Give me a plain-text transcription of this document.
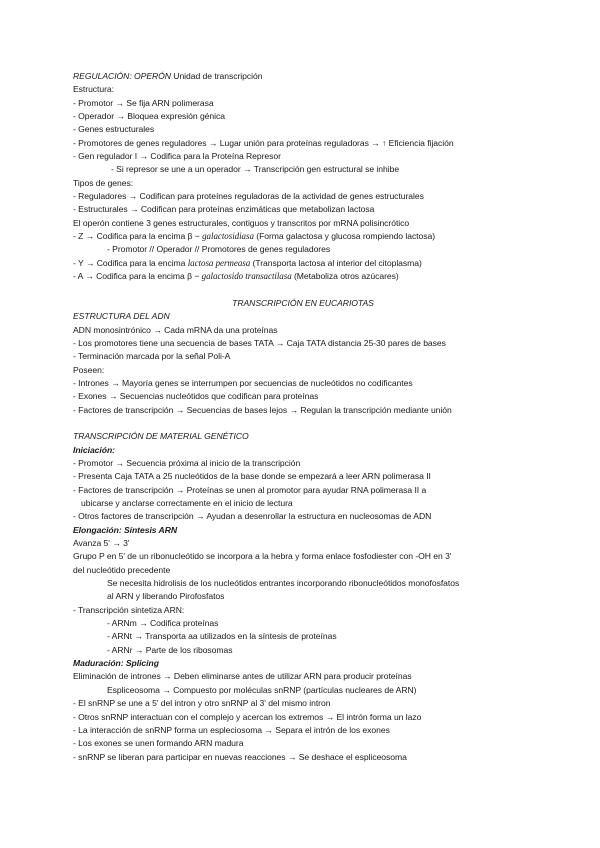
REGULACIÓN: OPERÓN Unidad de transcripción
Estructura:
- Promotor → Se fija ARN polimerasa
- Operador → Bloquea expresión génica
- Genes estructurales
- Promotores de genes reguladores → Lugar unión para proteínas reguladoras → ↑ Eficiencia fijación
- Gen regulador I → Codifica para la Proteína Represor
- Si represor se une a un operador → Transcripción gen estructural se inhibe
Tipos de genes:
- Reguladores → Codifican para proteínes reguladoras de la actividad de genes estructurales
- Estructurales → Codifican para proteínas enzimáticas que metabolizan lactosa
El operón contiene 3 genes estructurales, contiguos y transcritos por mRNA polisincrótico
- Z → Codifica para la encima β − galactosidiasa (Forma galactosa y glucosa rompiendo lactosa)
- Promotor // Operador // Promotores de genes reguladores
- Y → Codifica para la encima lactosa permeasa (Transporta lactosa al interior del citoplasma)
- A → Codifica para la encima β − galactosido transactilasa (Metaboliza otros azúcares)
TRANSCRIPCIÓN EN EUCARIOTAS
ESTRUCTURA DEL ADN
ADN monosintrónico → Cada mRNA da una proteínas
- Los promotores tiene una secuencia de bases TATA → Caja TATA distancia 25-30 pares de bases
- Terminación marcada por la señal Poli-A
Poseen:
- Intrones → Mayoría genes se interrumpen por secuencias de nucleótidos no codificantes
- Exones → Secuencias nucleótidos que codifican para proteínas
- Factores de transcripción → Secuencias de bases lejos → Regulan la transcripción mediante unión
TRANSCRIPCIÓN DE MATERIAL GENÉTICO
Iniciación:
- Promotor → Secuencia próxima al inicio de la transcripción
- Presenta Caja TATA a 25 nucleótidos de la base donde se empezará a leer ARN polimerasa II
- Factores de transcripción → Proteínas se unen al promotor para ayudar RNA polimerasa II a
ubicarse y anclarse correctamente en el inicio de lectura
- Otros factores de transcripción → Ayudan a desenrollar la estructura en nucleosomas de ADN
Elongación: Síntesis ARN
Avanza 5' → 3'
Grupo P en 5' de un ribonucleótido se incorpora a la hebra y forma enlace fosfodiester con -OH en 3'
del nucleótido precedente
Se necesita hidrolisis de los nucleótidos entrantes incorporando ribonucleótidos monofosfatos
al ARN y liberando Pirofosfatos
- Transcripción sintetiza ARN:
- ARNm → Codifica proteínas
- ARNt → Transporta aa utilizados en la síntesis de proteínas
- ARNr → Parte de los ribosomas
Maduración: Splicing
Eliminación de intrones → Deben eliminarse antes de utilizar ARN para producir proteínas
Espliceosoma → Compuesto por moléculas snRNP (partículas nucleares de ARN)
- El snRNP se une a 5' del intron y otro snRNP al 3' del mismo intron
- Otros snRNP interactuan con el complejo y acercan los extremos → El intrón forma un lazo
- La interacción de snRNP forma un espleciosoma → Separa el intrón de los exones
- Los exones se unen formando ARN madura
- snRNP se liberan para participar en nuevas reacciones → Se deshace el espliceosoma
